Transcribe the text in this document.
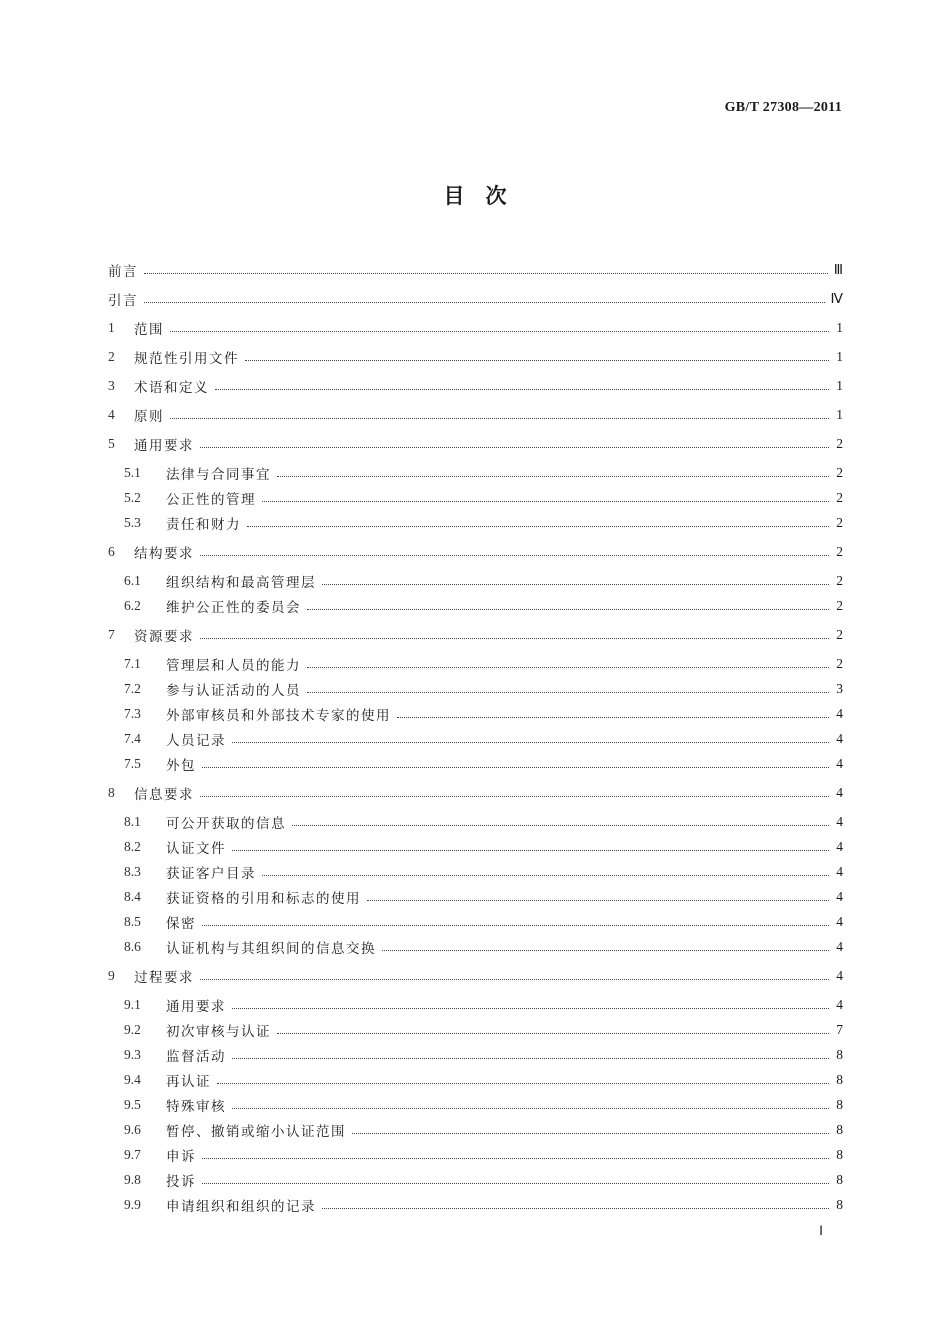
GB/T 27308—2011
目　次
前言	Ⅲ
引言	Ⅳ
1	范围	1
2	规范性引用文件	1
3	术语和定义	1
4	原则	1
5	通用要求	2
5.1	法律与合同事宜	2
5.2	公正性的管理	2
5.3	责任和财力	2
6	结构要求	2
6.1	组织结构和最高管理层	2
6.2	维护公正性的委员会	2
7	资源要求	2
7.1	管理层和人员的能力	2
7.2	参与认证活动的人员	3
7.3	外部审核员和外部技术专家的使用	4
7.4	人员记录	4
7.5	外包	4
8	信息要求	4
8.1	可公开获取的信息	4
8.2	认证文件	4
8.3	获证客户目录	4
8.4	获证资格的引用和标志的使用	4
8.5	保密	4
8.6	认证机构与其组织间的信息交换	4
9	过程要求	4
9.1	通用要求	4
9.2	初次审核与认证	7
9.3	监督活动	8
9.4	再认证	8
9.5	特殊审核	8
9.6	暂停、撤销或缩小认证范围	8
9.7	申诉	8
9.8	投诉	8
9.9	申请组织和组织的记录	8
Ⅰ
